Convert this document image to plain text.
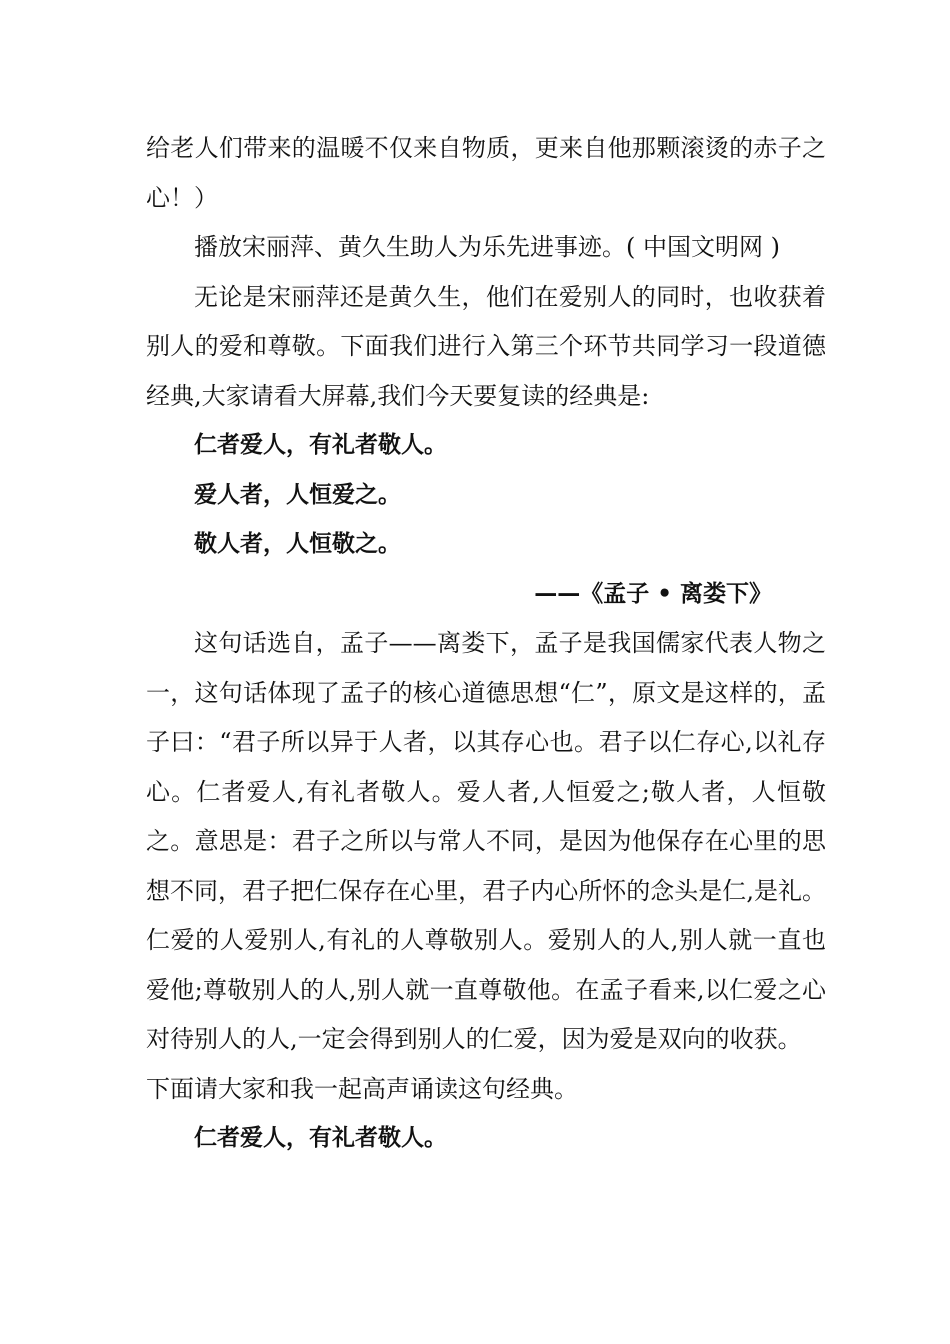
给老人们带来的温暖不仅来自物质，更来自他那颗滚烫的赤子之心！）

播放宋丽萍、黄久生助人为乐先进事迹。( 中国文明网 )

无论是宋丽萍还是黄久生，他们在爱别人的同时，也收获着别人的爱和尊敬。下面我们进行入第三个环节共同学习一段道德经典,大家请看大屏幕,我们今天要复读的经典是:

仁者爱人，有礼者敬人。

爱人者，人恒爱之。

敬人者，人恒敬之。

——《孟子 • 离娄下》

这句话选自，孟子——离娄下，孟子是我国儒家代表人物之一，这句话体现了孟子的核心道德思想“仁”，原文是这样的，孟子曰：“君子所以异于人者，以其存心也。君子以仁存心,以礼存心。仁者爱人,有礼者敬人。爱人者,人恒爱之;敬人者，人恒敬之。意思是：君子之所以与常人不同，是因为他保存在心里的思想不同，君子把仁保存在心里，君子内心所怀的念头是仁,是礼。仁爱的人爱别人,有礼的人尊敬别人。爱别人的人,别人就一直也爱他;尊敬别人的人,别人就一直尊敬他。在孟子看来,以仁爱之心对待别人的人,一定会得到别人的仁爱，因为爱是双向的收获。

下面请大家和我一起高声诵读这句经典。

仁者爱人，有礼者敬人。
